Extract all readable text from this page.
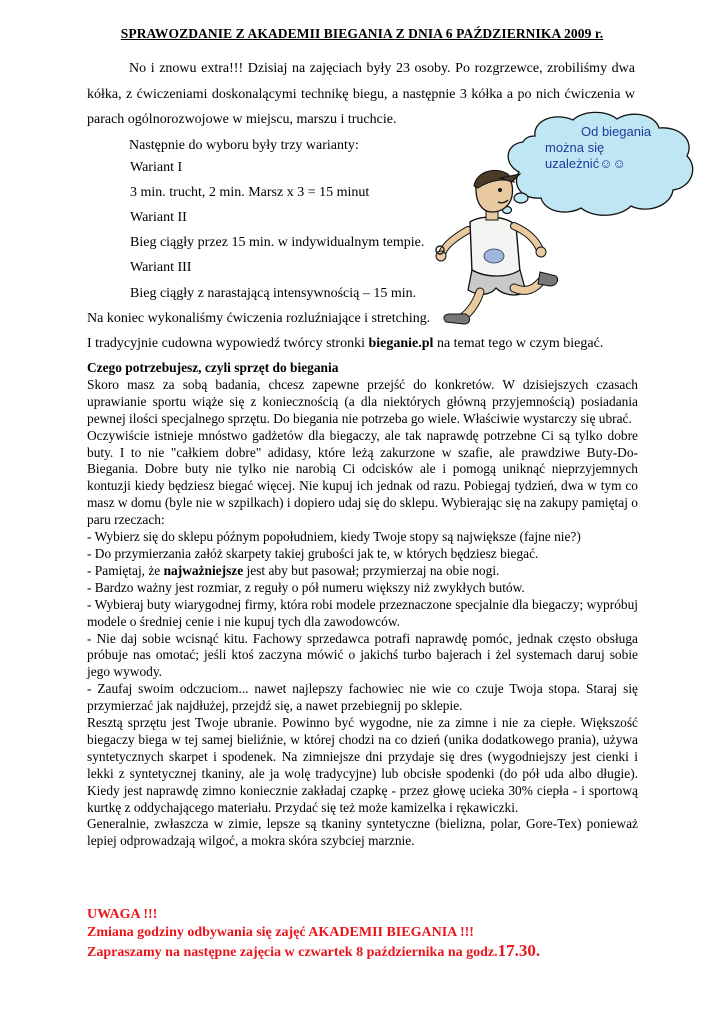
SPRAWOZDANIE Z AKADEMII BIEGANIA Z DNIA 6 PAŹDZIERNIKA 2009 r.

No i znowu extra!!! Dzisiaj na zajęciach były 23 osoby. Po rozgrzewce, zrobiliśmy dwa kółka, z ćwiczeniami doskonalącymi technikę biegu, a następnie 3 kółka a po nich ćwiczenia w parach ogólnorozwojowe w miejscu, marszu i truchcie.

Następnie do wyboru były trzy warianty:

Wariant I
3 min. trucht, 2 min. Marsz x 3 = 15 minut
Wariant II
Bieg ciągły przez 15 min. w indywidualnym tempie.
Wariant III
Bieg ciągły z narastającą intensywnością – 15 min.
Na koniec wykonaliśmy ćwiczenia rozluźniające i stretching.
I tradycyjnie cudowna wypowiedź twórcy stronki bieganie.pl na temat tego w czym biegać.
Od biegania
można się
uzależnić☺☺

Czego potrzebujesz, czyli sprzęt do biegania

Skoro masz za sobą badania, chcesz zapewne przejść do konkretów. W dzisiejszych czasach uprawianie sportu wiąże się z koniecznością (a dla niektórych główną przyjemnością) posiadania pewnej ilości specjalnego sprzętu. Do biegania nie potrzeba go wiele. Właściwie wystarczy się ubrać.

Oczywiście istnieje mnóstwo gadżetów dla biegaczy, ale tak naprawdę potrzebne Ci są tylko dobre buty. I to nie "całkiem dobre" adidasy, które leżą zakurzone w szafie, ale prawdziwe Buty-Do-Biegania. Dobre buty nie tylko nie narobią Ci odcisków ale i pomogą uniknąć nieprzyjemnych kontuzji kiedy będziesz biegać więcej. Nie kupuj ich jednak od razu. Pobiegaj tydzień, dwa w tym co masz w domu (byle nie w szpilkach) i dopiero udaj się do sklepu. Wybierając się na zakupy pamiętaj o paru rzeczach:

- Wybierz się do sklepu późnym popołudniem, kiedy Twoje stopy są największe (fajne nie?)

- Do przymierzania załóż skarpety takiej grubości jak te, w których będziesz biegać.

- Pamiętaj, że najważniejsze jest aby but pasował; przymierzaj na obie nogi.

- Bardzo ważny jest rozmiar, z reguły o pół numeru większy niż zwykłych butów.

- Wybieraj buty wiarygodnej firmy, która robi modele przeznaczone specjalnie dla biegaczy; wypróbuj modele o średniej cenie i nie kupuj tych dla zawodowców.

- Nie daj sobie wcisnąć kitu. Fachowy sprzedawca potrafi naprawdę pomóc, jednak często obsługa próbuje nas omotać; jeśli ktoś zaczyna mówić o jakichś turbo bajerach i żel systemach daruj sobie jego wywody.

- Zaufaj swoim odczuciom... nawet najlepszy fachowiec nie wie co czuje Twoja stopa. Staraj się przymierzać jak najdłużej, przejdź się, a nawet przebiegnij po sklepie.

Resztą sprzętu jest Twoje ubranie. Powinno być wygodne, nie za zimne i nie za ciepłe. Większość biegaczy biega w tej samej bieliźnie, w której chodzi na co dzień (unika dodatkowego prania), używa syntetycznych skarpet i spodenek. Na zimniejsze dni przydaje się dres (wygodniejszy jest cienki i lekki z syntetycznej tkaniny, ale ja wolę tradycyjne) lub obcisłe spodenki (do pół uda albo długie). Kiedy jest naprawdę zimno koniecznie zakładaj czapkę - przez głowę ucieka 30% ciepła - i sportową kurtkę z oddychającego materiału. Przydać się też może kamizelka i rękawiczki.

Generalnie, zwłaszcza w zimie, lepsze są tkaniny syntetyczne (bielizna, polar, Gore-Tex) ponieważ lepiej odprowadzają wilgoć, a mokra skóra szybciej marznie.

UWAGA !!!

Zmiana godziny odbywania się zajęć AKADEMII BIEGANIA !!!

Zapraszamy na następne zajęcia w czwartek 8 października na godz.17.30.
